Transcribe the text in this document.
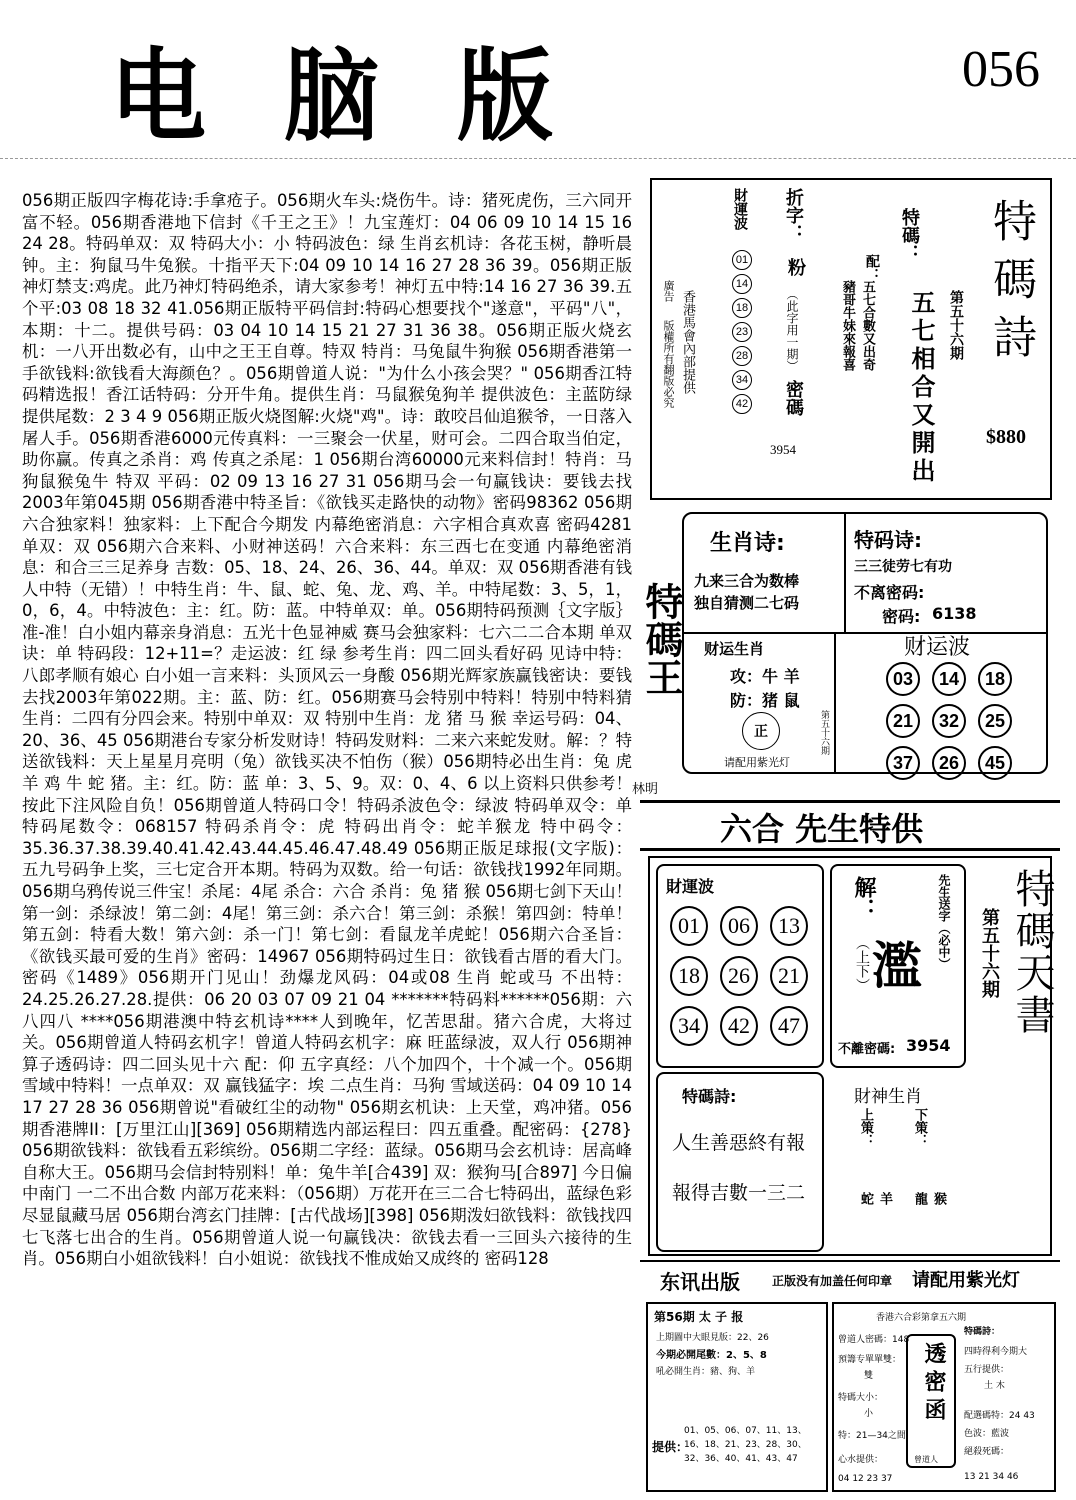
电 脑 版	056
056期正版四字梅花诗:手拿疮子。056期火车头:烧伤牛。诗：猪死虎伤，三六同开富不轻。056期香港地下信封《千王之王》！九宝莲灯：04 06 09 10 14 15 16 24 28。特码单双：双 特码大小：小 特码波色：绿 生肖玄机诗：各花玉树，静听晨钟。主：狗鼠马牛兔猴。十指平天下:04 09 10 14 16 27 28 36 39。056期正版神灯禁支:鸡虎。此乃神灯特码绝杀，请大家参考！神灯五中特:14 16 27 36 39.五个平:03 08 18 32 41.056期正版特平码信封:特码心想要找个"遂意"，平码"八"，本期：十二。提供号码：03 04 10 14 15 21 27 31 36 38。056期正版火烧玄机：一八开出数必有，山中之王王自尊。特双 特肖：马兔鼠牛狗猴 056期香港第一手欲钱料:欲钱看大海颜色？。056期曾道人说："为什么小孩会哭？" 056期香江特码精选报！香江话特码：分开牛角。提供生肖：马鼠猴兔狗羊 提供波色：主蓝防绿 提供尾数：2 3 4 9 056期正版火烧图解:火烧"鸡"。诗：敢咬吕仙追猴爷，一日落入屠人手。056期香港6000元传真料：一三聚会一伏星，财可会。二四合取当伯定，助你赢。传真之杀肖：鸡 传真之杀尾：1 056期台湾60000元来料信封！特肖：马狗鼠猴兔牛 特双 平码：02 09 13 16 27 31 056期马会一句赢钱诀：要钱去找2003年第045期 056期香港中特圣旨：《欲钱买走路快的动物》密码98362 056期六合独家料！独家料：上下配合今期发 内幕绝密消息：六字相合真欢喜 密码4281 单双：双 056期六合来料、小财神送码！六合来料：东三西七在变通 内幕绝密消息：和合三三足养身 吉数：05、18、24、26、36、44。单双：双 056期香港有钱人中特（无错）！中特生肖：牛、鼠、蛇、兔、龙、鸡、羊。中特尾数：3、5，1，0，6，4。中特波色：主：红。防：蓝。中特单双：单。056期特码预测｛文字版｝准-准！白小姐内幕亲身消息：五光十色显神威 赛马会独家料：七六二二合本期 单双诀：单 特码段：12+11=？走运波：红 绿 参考生肖：四二回头看好码 见诗中特：八郎孝顺有娘心 白小姐一言来料：头顶风云一身酸 056期光辉家族赢钱密诀：要钱去找2003年第022期。主：蓝、防：红。056期赛马会特别中特料！特别中特料猜生肖：二四有分四会来。特别中单双：双 特别中生肖：龙 猪 马 猴 幸运号码：04、20、36、45 056期港台专家分析发财诗！特码发财料：二来六来蛇发财。解：？特送欲钱料：天上星星月亮明（兔）欲钱买决不怕伤（猴）056期特必出生肖：兔 虎 羊 鸡 牛 蛇 猪。主：红。防：蓝 单：3、5、9。双：0、4、6 以上资料只供参考！按此下注风险自负！056期曾道人特码口令！特码杀波色令：绿波 特码单双令：单 特码尾数令：068157 特码杀肖令：虎 特码出肖令：蛇羊猴龙 特中码令：35.36.37.38.39.40.41.42.43.44.45.46.47.48.49 056期正版足球报(文字版)：五九号码争上奖，三七定合开本期。特码为双数。给一句话：欲钱找1992年同期。056期乌鸦传说三件宝！杀尾：4尾 杀合：六合 杀肖：兔 猪 猴 056期七剑下天山！第一剑：杀绿波！第二剑：4尾！第三剑：杀六合！第三剑：杀猴！第四剑：特单！第五剑：特看大数！第六剑：杀一门！第七剑：看鼠龙羊虎蛇！056期六合圣旨：《欲钱买最可爱的生肖》密码：14967 056期特码过生日：欲钱看古厝的看大门。密码《1489》056期开门见山！劲爆龙风码：04或08 生肖 蛇或马 不出特：24.25.26.27.28.提供：06 20 03 07 09 21 04 *******特码料******056期：六八四八 ****056期港澳中特玄机诗****人到晚年，忆苦思甜。猪六合虎，大将过关。056期曾道人特码玄机字！曾道人特码玄机字：麻 旺蓝绿波，双人行 056期神算子透码诗：四二回头见十六 配：仰 五字真经：八个加四个，十个减一个。056期雪域中特料！一点单双：双 赢钱猛字：埃 二点生肖：马狗 雪域送码：04 09 10 14 17 27 28 36 056期曾说"看破红尘的动物" 056期玄机诀：上天堂，鸡冲猪。056期香港牌II：[万里江山][369] 056期精选内部运程曰：四五重叠。配密码：{278} 056期欲钱料：欲钱看五彩缤纷。056期二字经：蓝绿。056期马会玄机诗：居高峰自称大王。056期马会信封特别料！单：兔牛羊[合439] 双：猴狗马[合897] 今日偏中南门 一二不出合数 内部万花来料：（056期）万花开在三二合七特码出，蓝绿色彩尽显鼠藏马居 056期台湾玄门挂牌：[古代战场][398] 056期泼妇欲钱料：欲钱找四七飞落七出合的生肖。056期曾道人说一句赢钱决：欲钱去看一三回头六接待的生肖。056期白小姐欲钱料！白小姐说：欲钱找不惟成始又成终的 密码128
廣告
版權所有翻版必究 香港馬會內部提供
財運波
01
14
18
23
28
34
42
折字：
粉
（此字用一期）
密碼
3954
豬哥牛妹來報喜 五七合數又出奇
配：
特碼：
五七相合又開出 第五十六期 特碼詩
$880
特碼王
林明
生肖诗:
九来三合为数棒
独自猜测二七码
特码诗:
三三徒劳七有功
不离密码:
密码: 6138
财运生肖
攻：牛 羊
防：猪 鼠
正	第五十六期
请配用紫光灯
财运波
03	14	18
21	32	25
37	26	45
六合 先生特供
財運波
01	06	13
18	26	21
34	42	47
特碼詩:
人生善惡終有報
報得吉數一三二
解：
（上下） 濫 先生送字（必中）
不離密碼: 3954
財神生肖
上策：	下策：
羊 蛇	猴 龍
第五十六期 特碼天書
东讯出版	正版没有加盖任何印章 请配用紫光灯
第56期 太 子 报
上期圖中大眼見版：22、26
今期必開尾數：2、5、8
吼必開生肖：豬、狗、羊
提供：
01、05、06、07、11、13、16、18、21、23、28、30、32、36、40、41、43、47
香港六合彩第拿五六期
曾道人密碼：148
預籌专單單雙：
雙
特碼大小：
小
特：21—34之間
心水提供：
04 12 23 37
透密函
曾道人
特碼詩：
四時得利今期大
五行提供：
土 木
配選碼特：24 43
色波：藍波
絕殺死碼：
13 21 34 46
